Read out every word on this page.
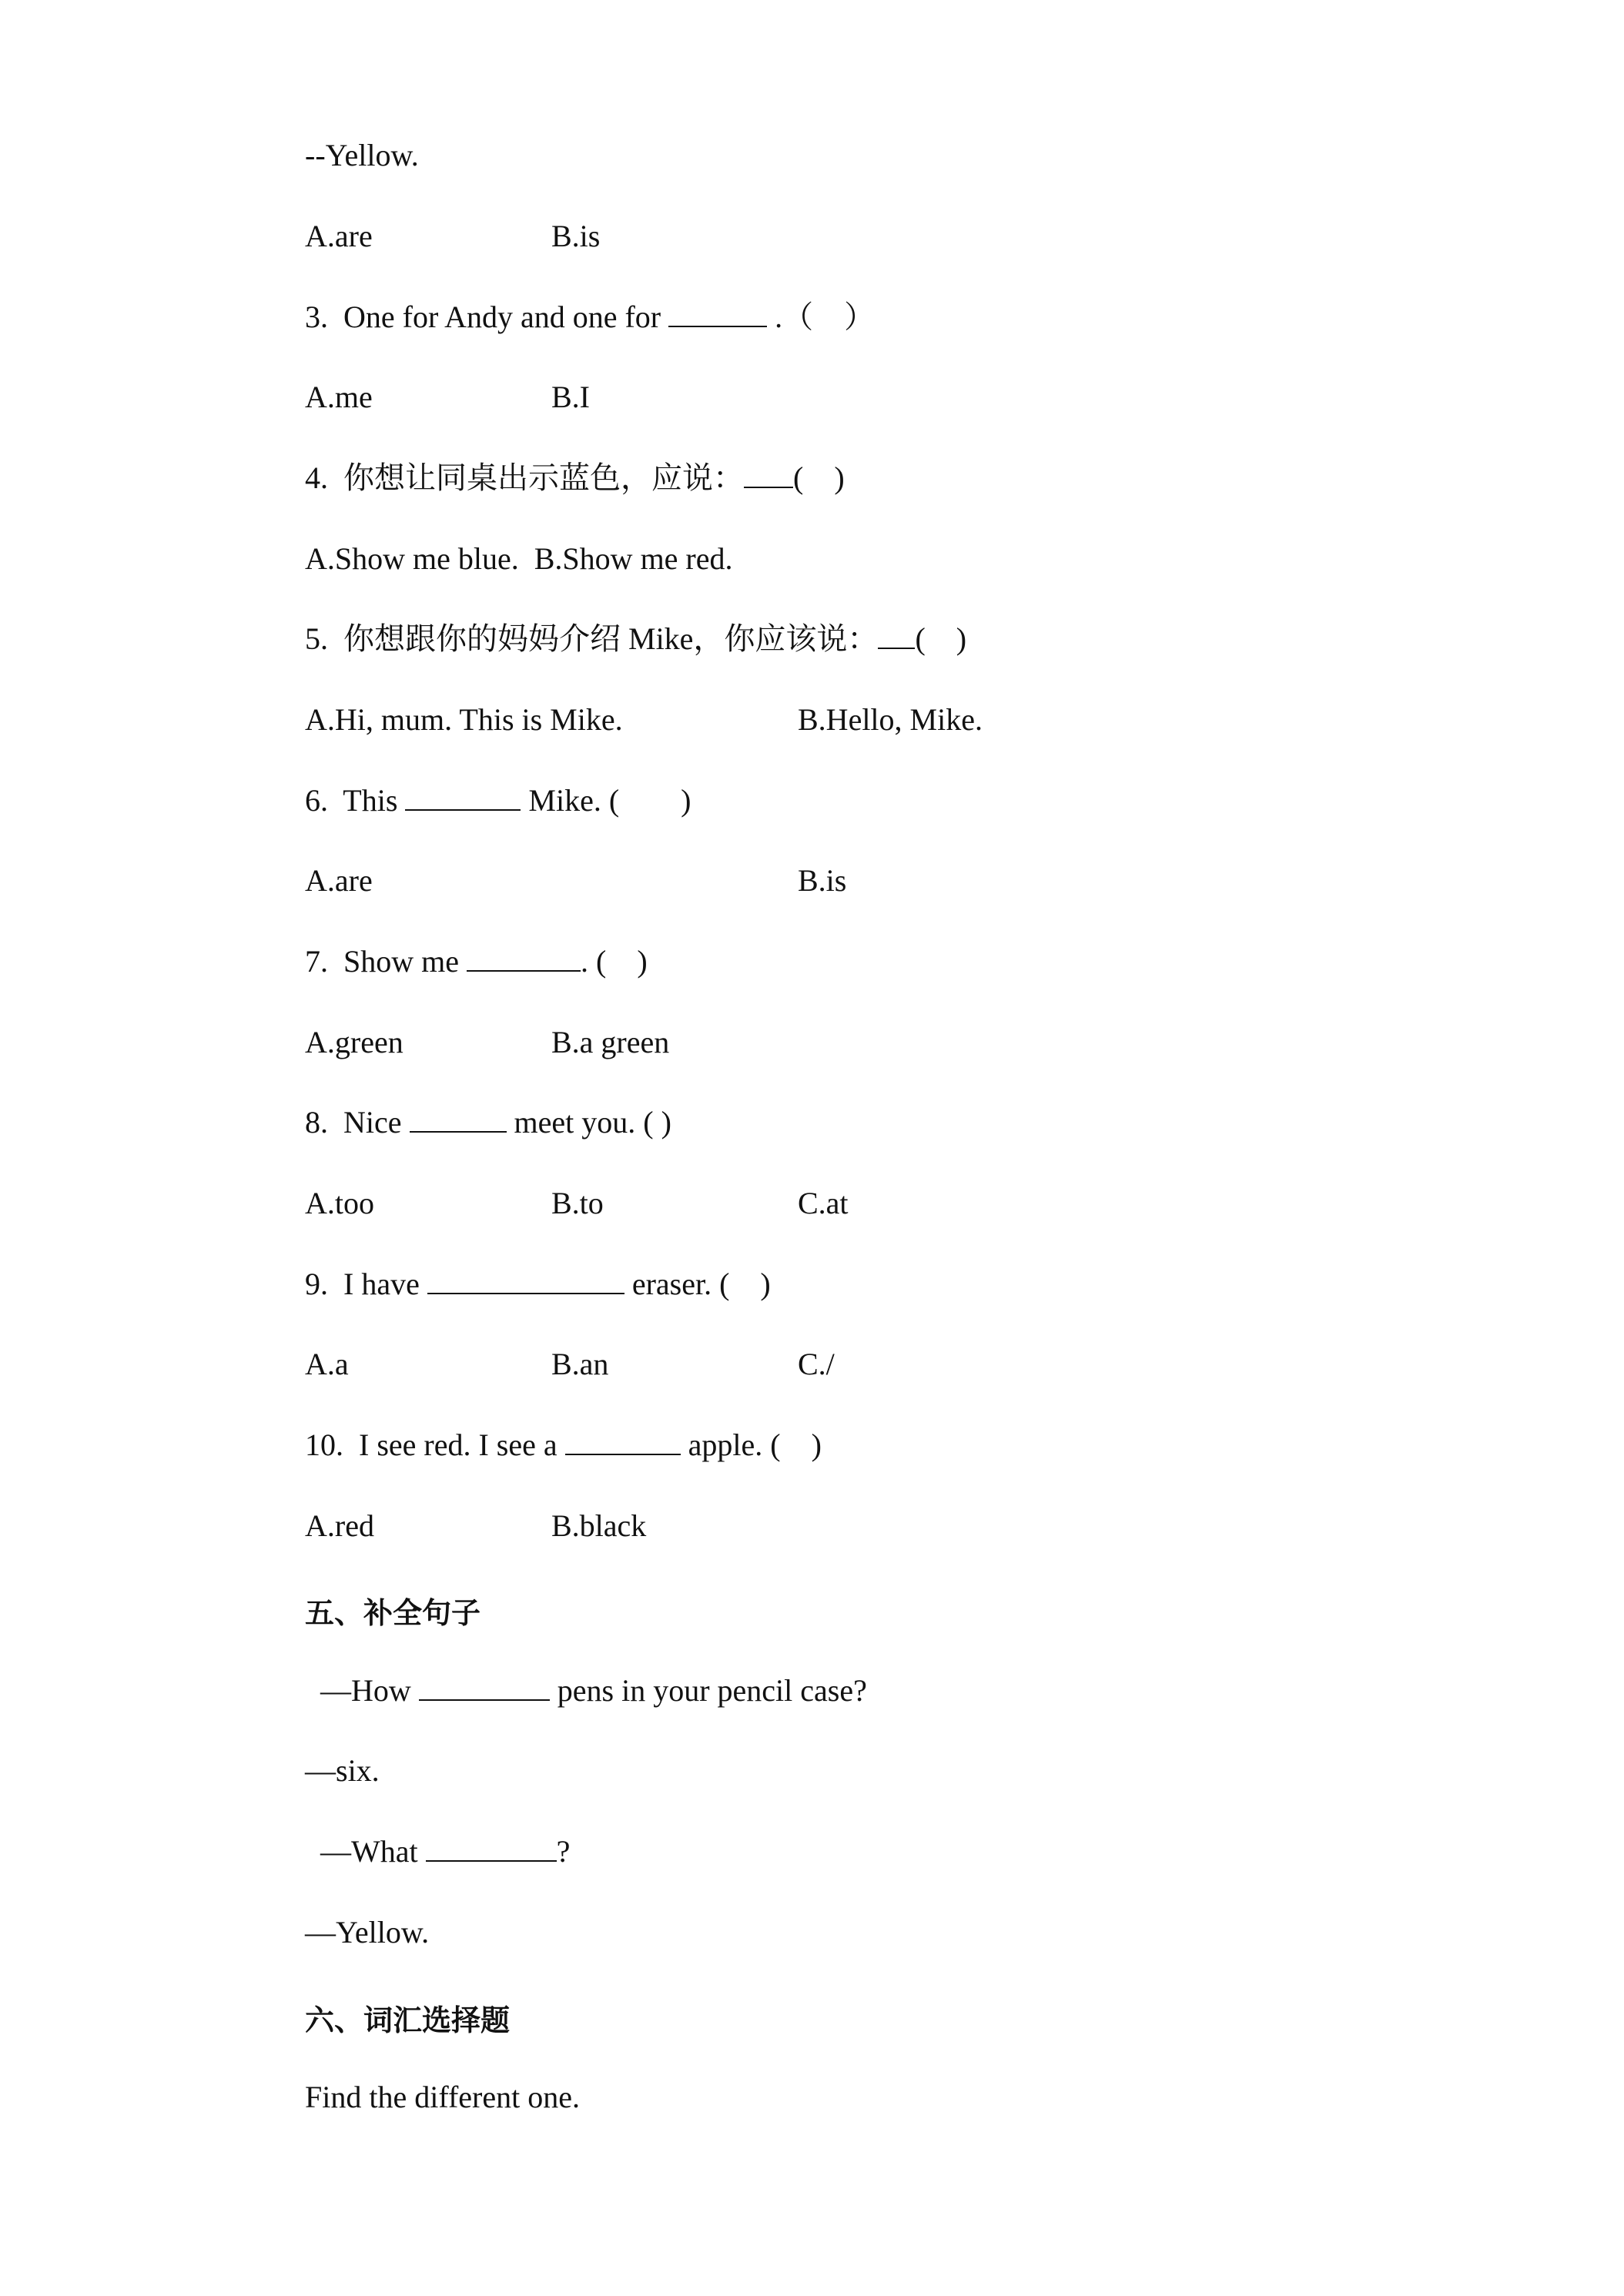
--Yellow.
A.are	B.is
3. One for Andy and one for	.（　）
A.me	B.I
4. 你想让同桌出示蓝色，应说： (　)
A.Show me blue.  B.Show me red.
5. 你想跟你的妈妈介绍 Mike，你应该说： (　)
A.Hi, mum. This is Mike.	B.Hello, Mike.
6. This	Mike. (　　)
A.are	B.is
7. Show me	. (　)
A.green	B.a green
8. Nice	meet you. ( )
A.too	B.to	C.at
9. I have	eraser. (　)
A.a	B.an	C./
10. I see red. I see a	apple. (　)
A.red	B.black
五、补全句子
—How	pens in your pencil case?
—six.
—What	?
—Yellow.
六、词汇选择题
Find the different one.
